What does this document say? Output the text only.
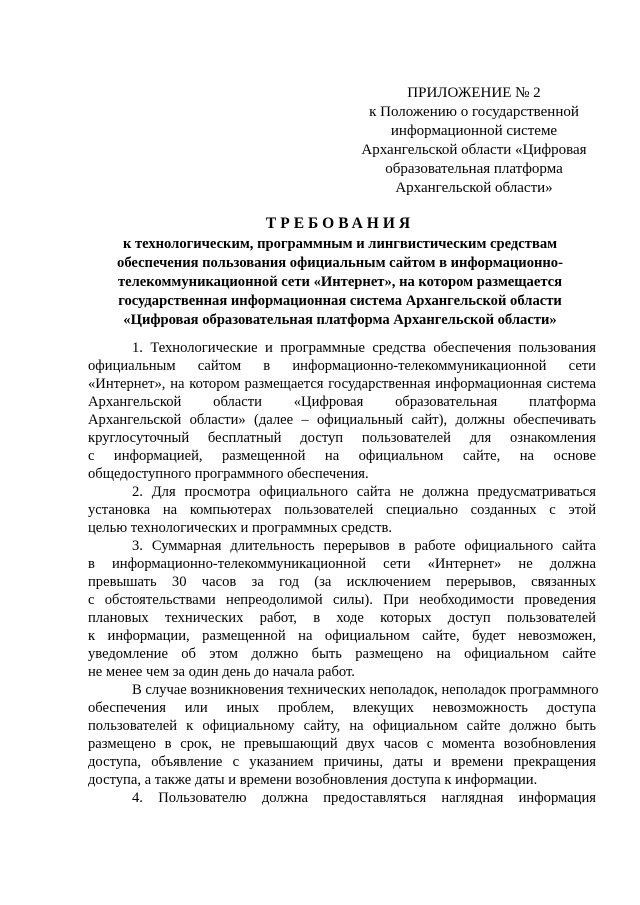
ПРИЛОЖЕНИЕ № 2
к Положению о государственной
информационной системе
Архангельской области «Цифровая
образовательная платформа
Архангельской области»
ТРЕБОВАНИЯ
к технологическим, программным и лингвистическим средствам
обеспечения пользования официальным сайтом в информационно-
телекоммуникационной сети «Интернет», на котором размещается
государственная информационная система Архангельской области
«Цифровая образовательная платформа Архангельской области»
1. Технологические и программные средства обеспечения пользования
официальным сайтом в информационно-телекоммуникационной сети
«Интернет», на котором размещается государственная информационная система
Архангельской области «Цифровая образовательная платформа
Архангельской области» (далее – официальный сайт), должны обеспечивать
круглосуточный бесплатный доступ пользователей для ознакомления
с информацией, размещенной на официальном сайте, на основе
общедоступного программного обеспечения.
2. Для просмотра официального сайта не должна предусматриваться
установка на компьютерах пользователей специально созданных с этой
целью технологических и программных средств.
3. Суммарная длительность перерывов в работе официального сайта
в информационно-телекоммуникационной сети «Интернет» не должна
превышать 30 часов за год (за исключением перерывов, связанных
с обстоятельствами непреодолимой силы). При необходимости проведения
плановых технических работ, в ходе которых доступ пользователей
к информации, размещенной на официальном сайте, будет невозможен,
уведомление об этом должно быть размещено на официальном сайте
не менее чем за один день до начала работ.
В случае возникновения технических неполадок, неполадок программного
обеспечения или иных проблем, влекущих невозможность доступа
пользователей к официальному сайту, на официальном сайте должно быть
размещено в срок, не превышающий двух часов с момента возобновления
доступа, объявление с указанием причины, даты и времени прекращения
доступа, а также даты и времени возобновления доступа к информации.
4. Пользователю должна предоставляться наглядная информация
